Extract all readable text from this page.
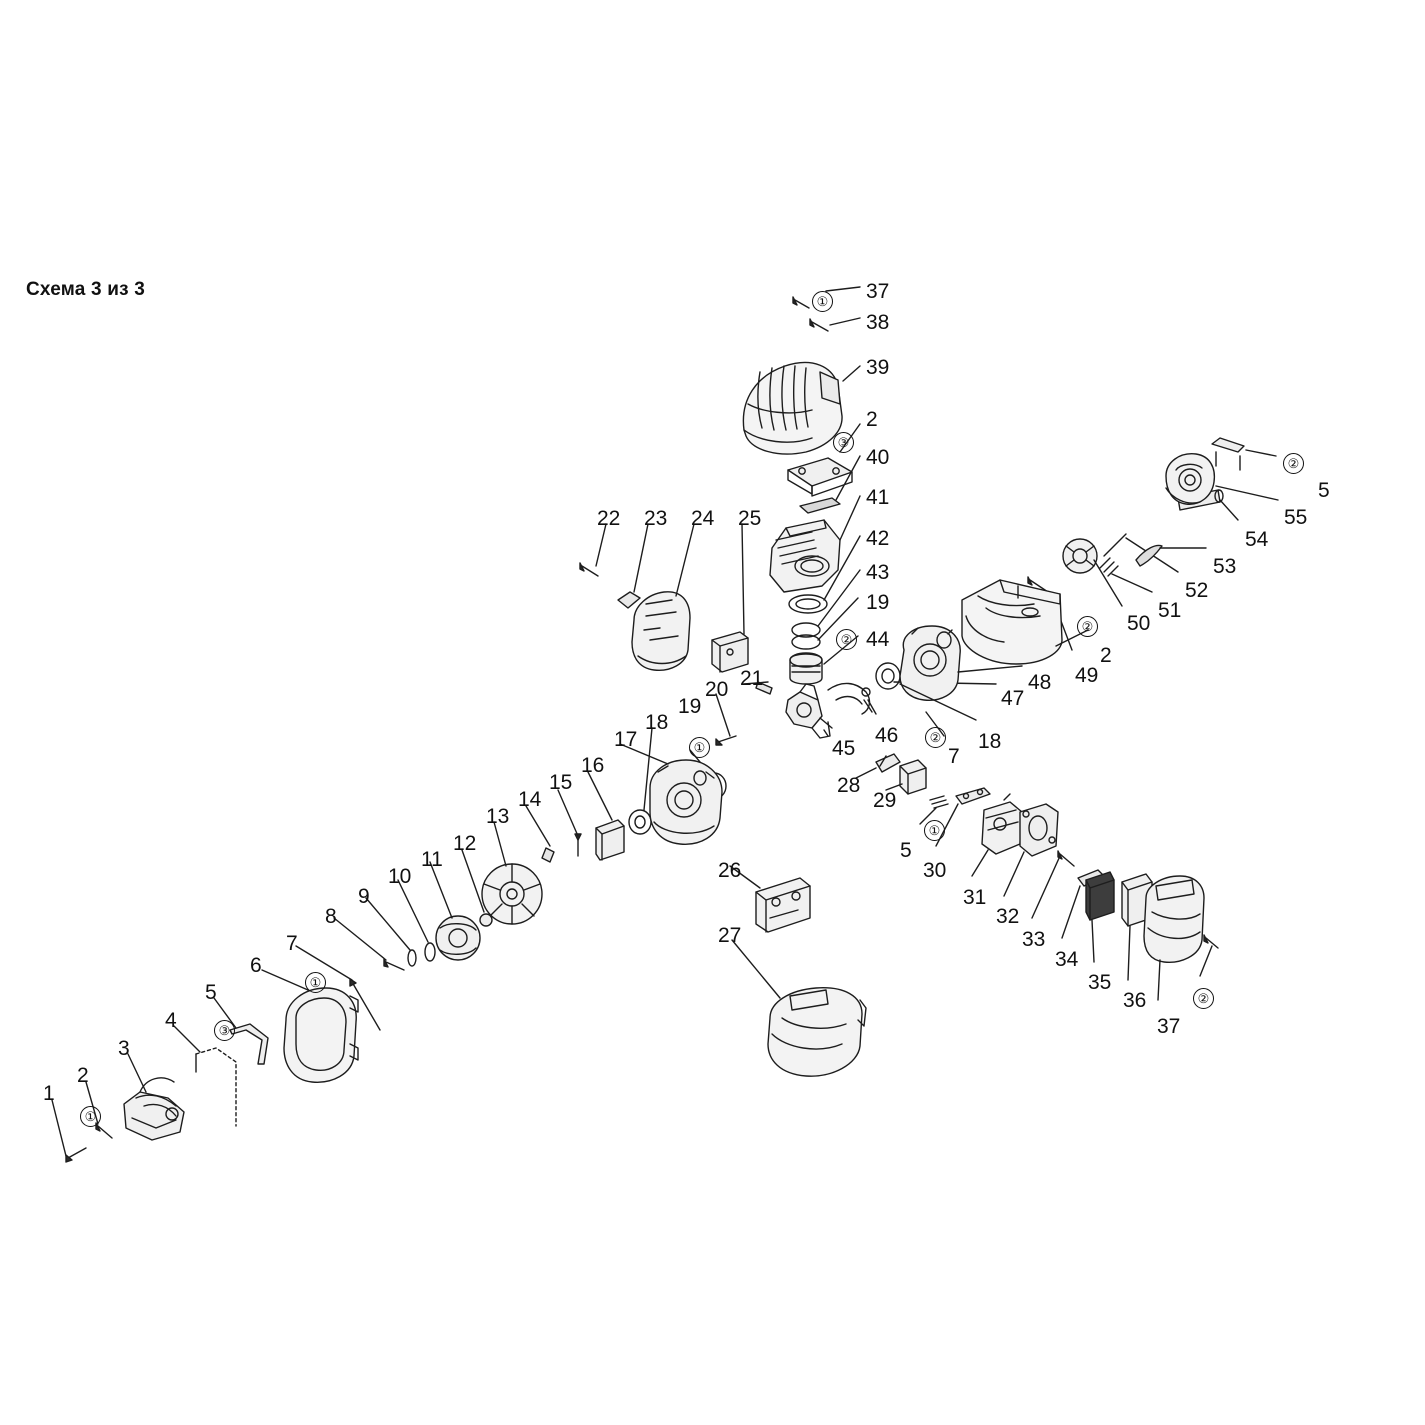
Схема 3 из 3	37
38
39
2
40
41
42
43
19
44
22 23 24 25
20 21
19
18
17
16
15
14
13
12
11
10
9
8
7
6
5
4
3
2
1
26
27
45
46
7
18
47
48 49
2
50
51
52
53
54
55
5
28
29
5
30
31
32
33
34
35
36
37
①
③
②
②
②
②
①
①
②
①
③
①
